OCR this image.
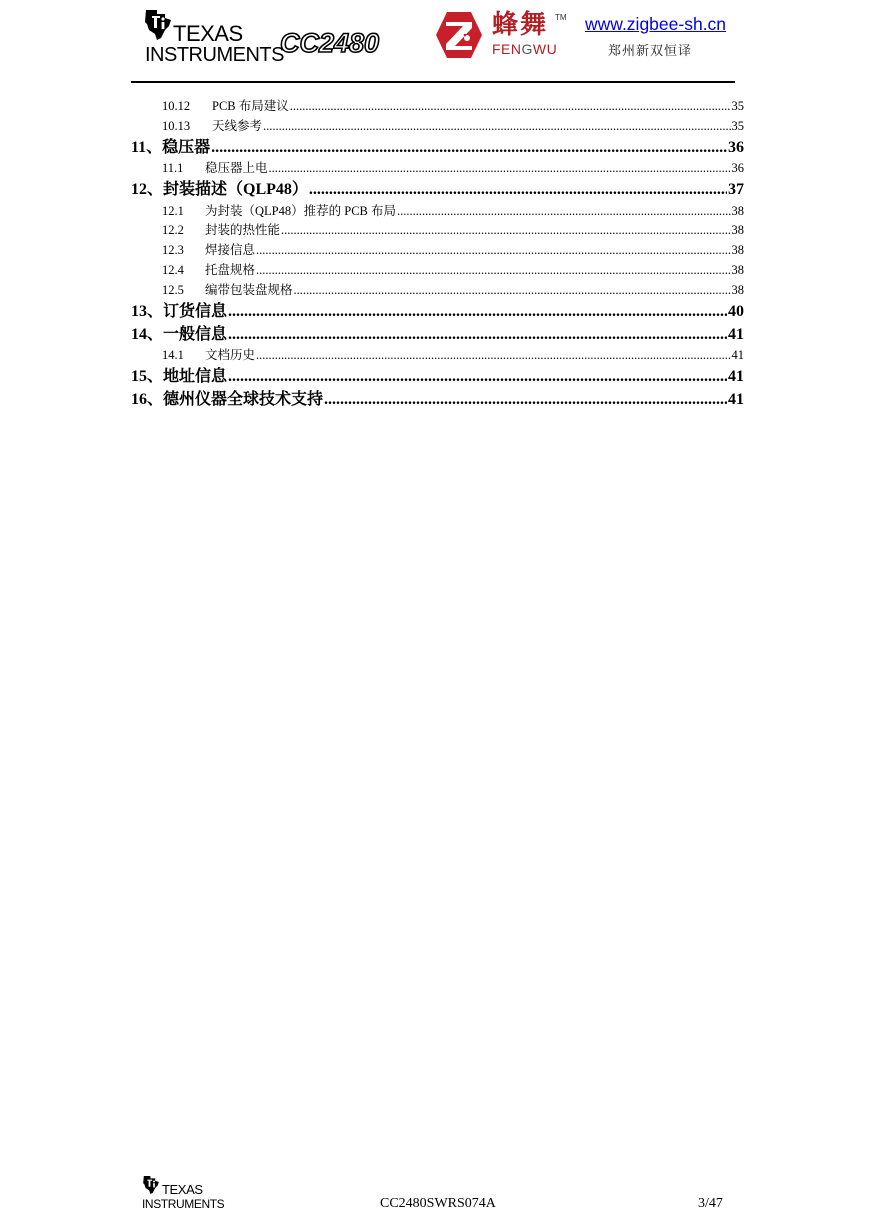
TEXAS
INSTRUMENTS
CC2480
蜂舞 TM
FENGWU
www.zigbee-sh.cn
郑州新双恒译
10.12	PCB 布局建议 .....	35
10.13	天线参考 .....	35
11 、稳压器 .....	36
11.1	稳压器上电 .....	36
12 、封装描述（QLP48） .....	37
12.1	为封装（QLP48）推荐的 PCB 布局 .....	38
12.2	封装的热性能 .....	38
12.3	焊接信息 .....	38
12.4	托盘规格 .....	38
12.5	编带包装盘规格 .....	38
13 、订货信息 .....	40
14 、一般信息 .....	41
14.1	文档历史 .....	41
15 、地址信息 .....	41
16 、德州仪器全球技术支持 .....	41
TEXAS
INSTRUMENTS	CC2480SWRS074A	3/47
